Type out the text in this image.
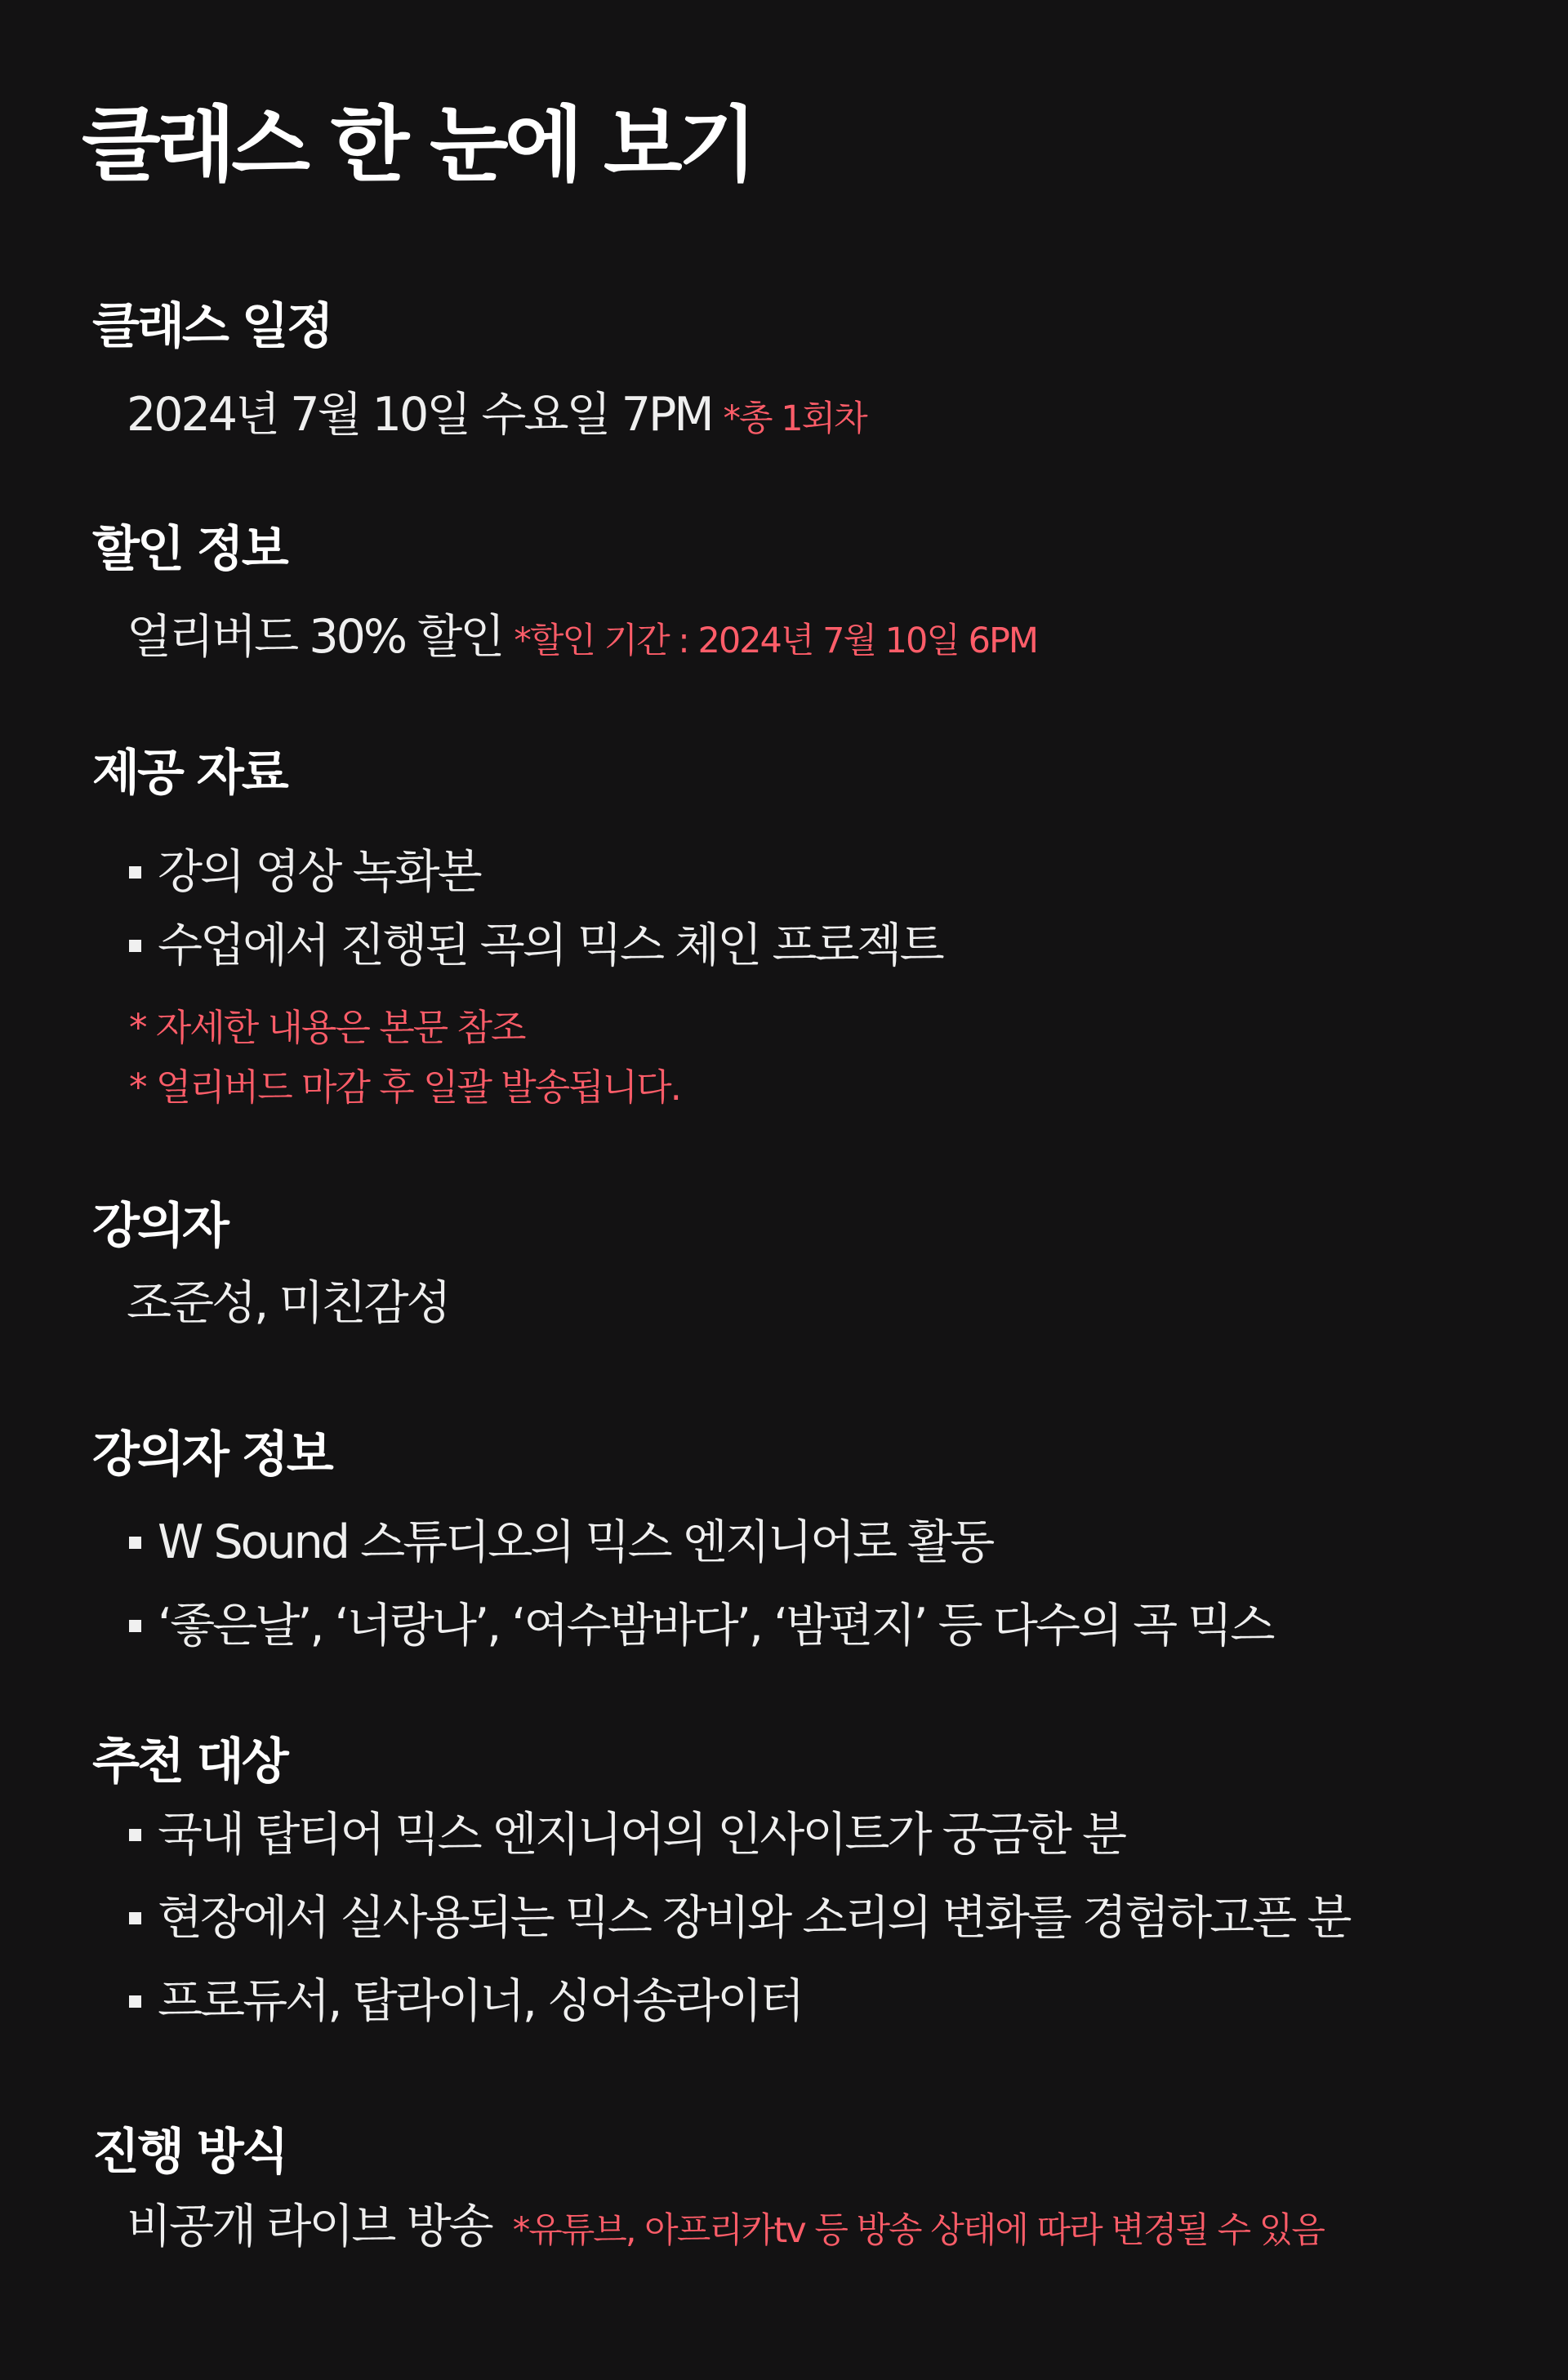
클래스 한 눈에 보기
클래스 일정

2024년 7월 10일 수요일 7PM *총 1회차

할인 정보

얼리버드 30% 할인 *할인 기간 : 2024년 7월 10일 6PM

제공 자료
강의 영상 녹화본
수업에서 진행된 곡의 믹스 체인 프로젝트

* 자세한 내용은 본문 참조

* 얼리버드 마감 후 일괄 발송됩니다.

강의자

조준성, 미친감성

강의자 정보
W Sound 스튜디오의 믹스 엔지니어로 활동
‘좋은날’, ‘너랑나’, ‘여수밤바다’, ‘밤편지’ 등 다수의 곡 믹스
추천 대상
국내 탑티어 믹스 엔지니어의 인사이트가 궁금한 분
현장에서 실사용되는 믹스 장비와 소리의 변화를 경험하고픈 분
프로듀서, 탑라이너, 싱어송라이터
진행 방식

비공개 라이브 방송 *유튜브, 아프리카tv 등 방송 상태에 따라 변경될 수 있음
